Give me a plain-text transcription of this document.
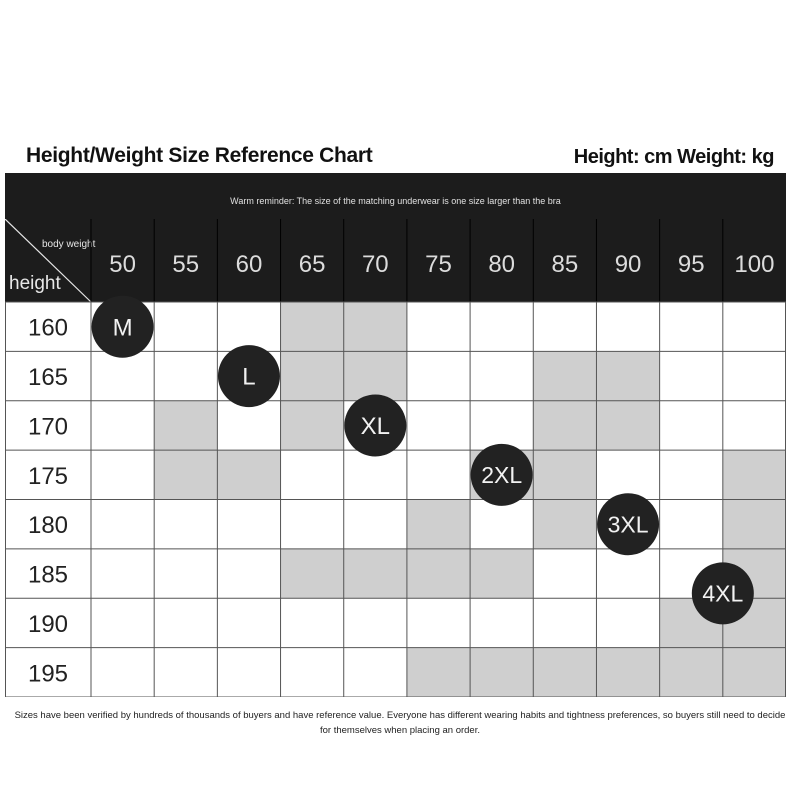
Height/Weight Size Reference Chart	Height: cm Weight: kg
Warm reminder: The size of the matching underwear is one size larger than the bra
body weight
height
50 55 60 65 70 75 80 85 90 95 100
160
165
170
175
180
185
190
195
M
L
XL
2XL
3XL
4XL
Sizes have been verified by hundreds of thousands of buyers and have reference value. Everyone has different wearing habits and tightness preferences, so buyers still need to decide for themselves when placing an order.
